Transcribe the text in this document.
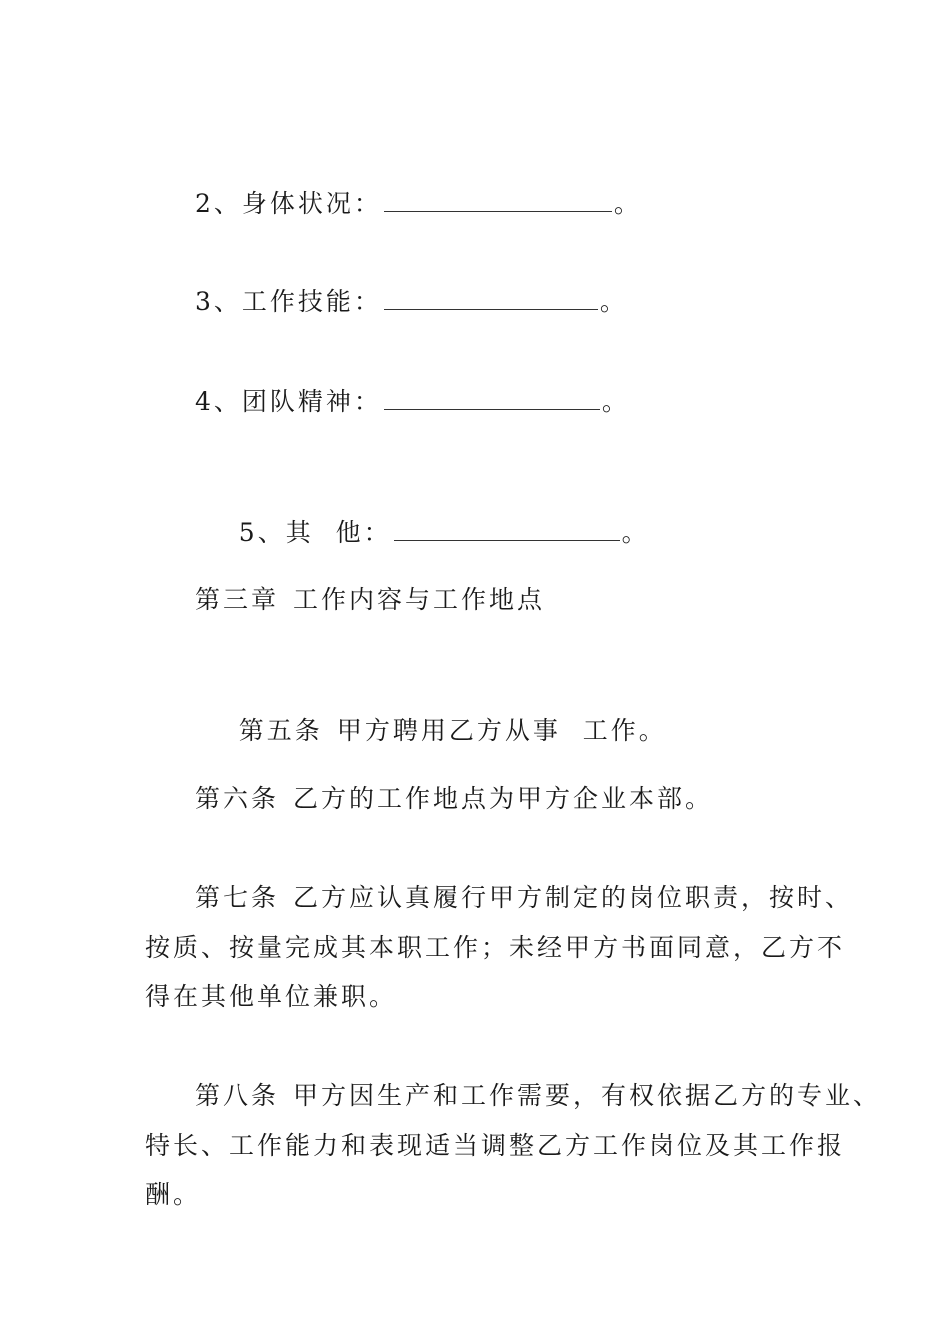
2、身体状况：	。
3、工作技能：	。
4、团队精神：	。

5、其  他：	。

第三章 工作内容与工作地点

第五条 甲方聘用乙方从事  工作。

第六条 乙方的工作地点为甲方企业本部。
第七条 乙方应认真履行甲方制定的岗位职责，按时、
按质、按量完成其本职工作；未经甲方书面同意，乙方不
得在其他单位兼职。
第八条 甲方因生产和工作需要，有权依据乙方的专业、
特长、工作能力和表现适当调整乙方工作岗位及其工作报
酬。
